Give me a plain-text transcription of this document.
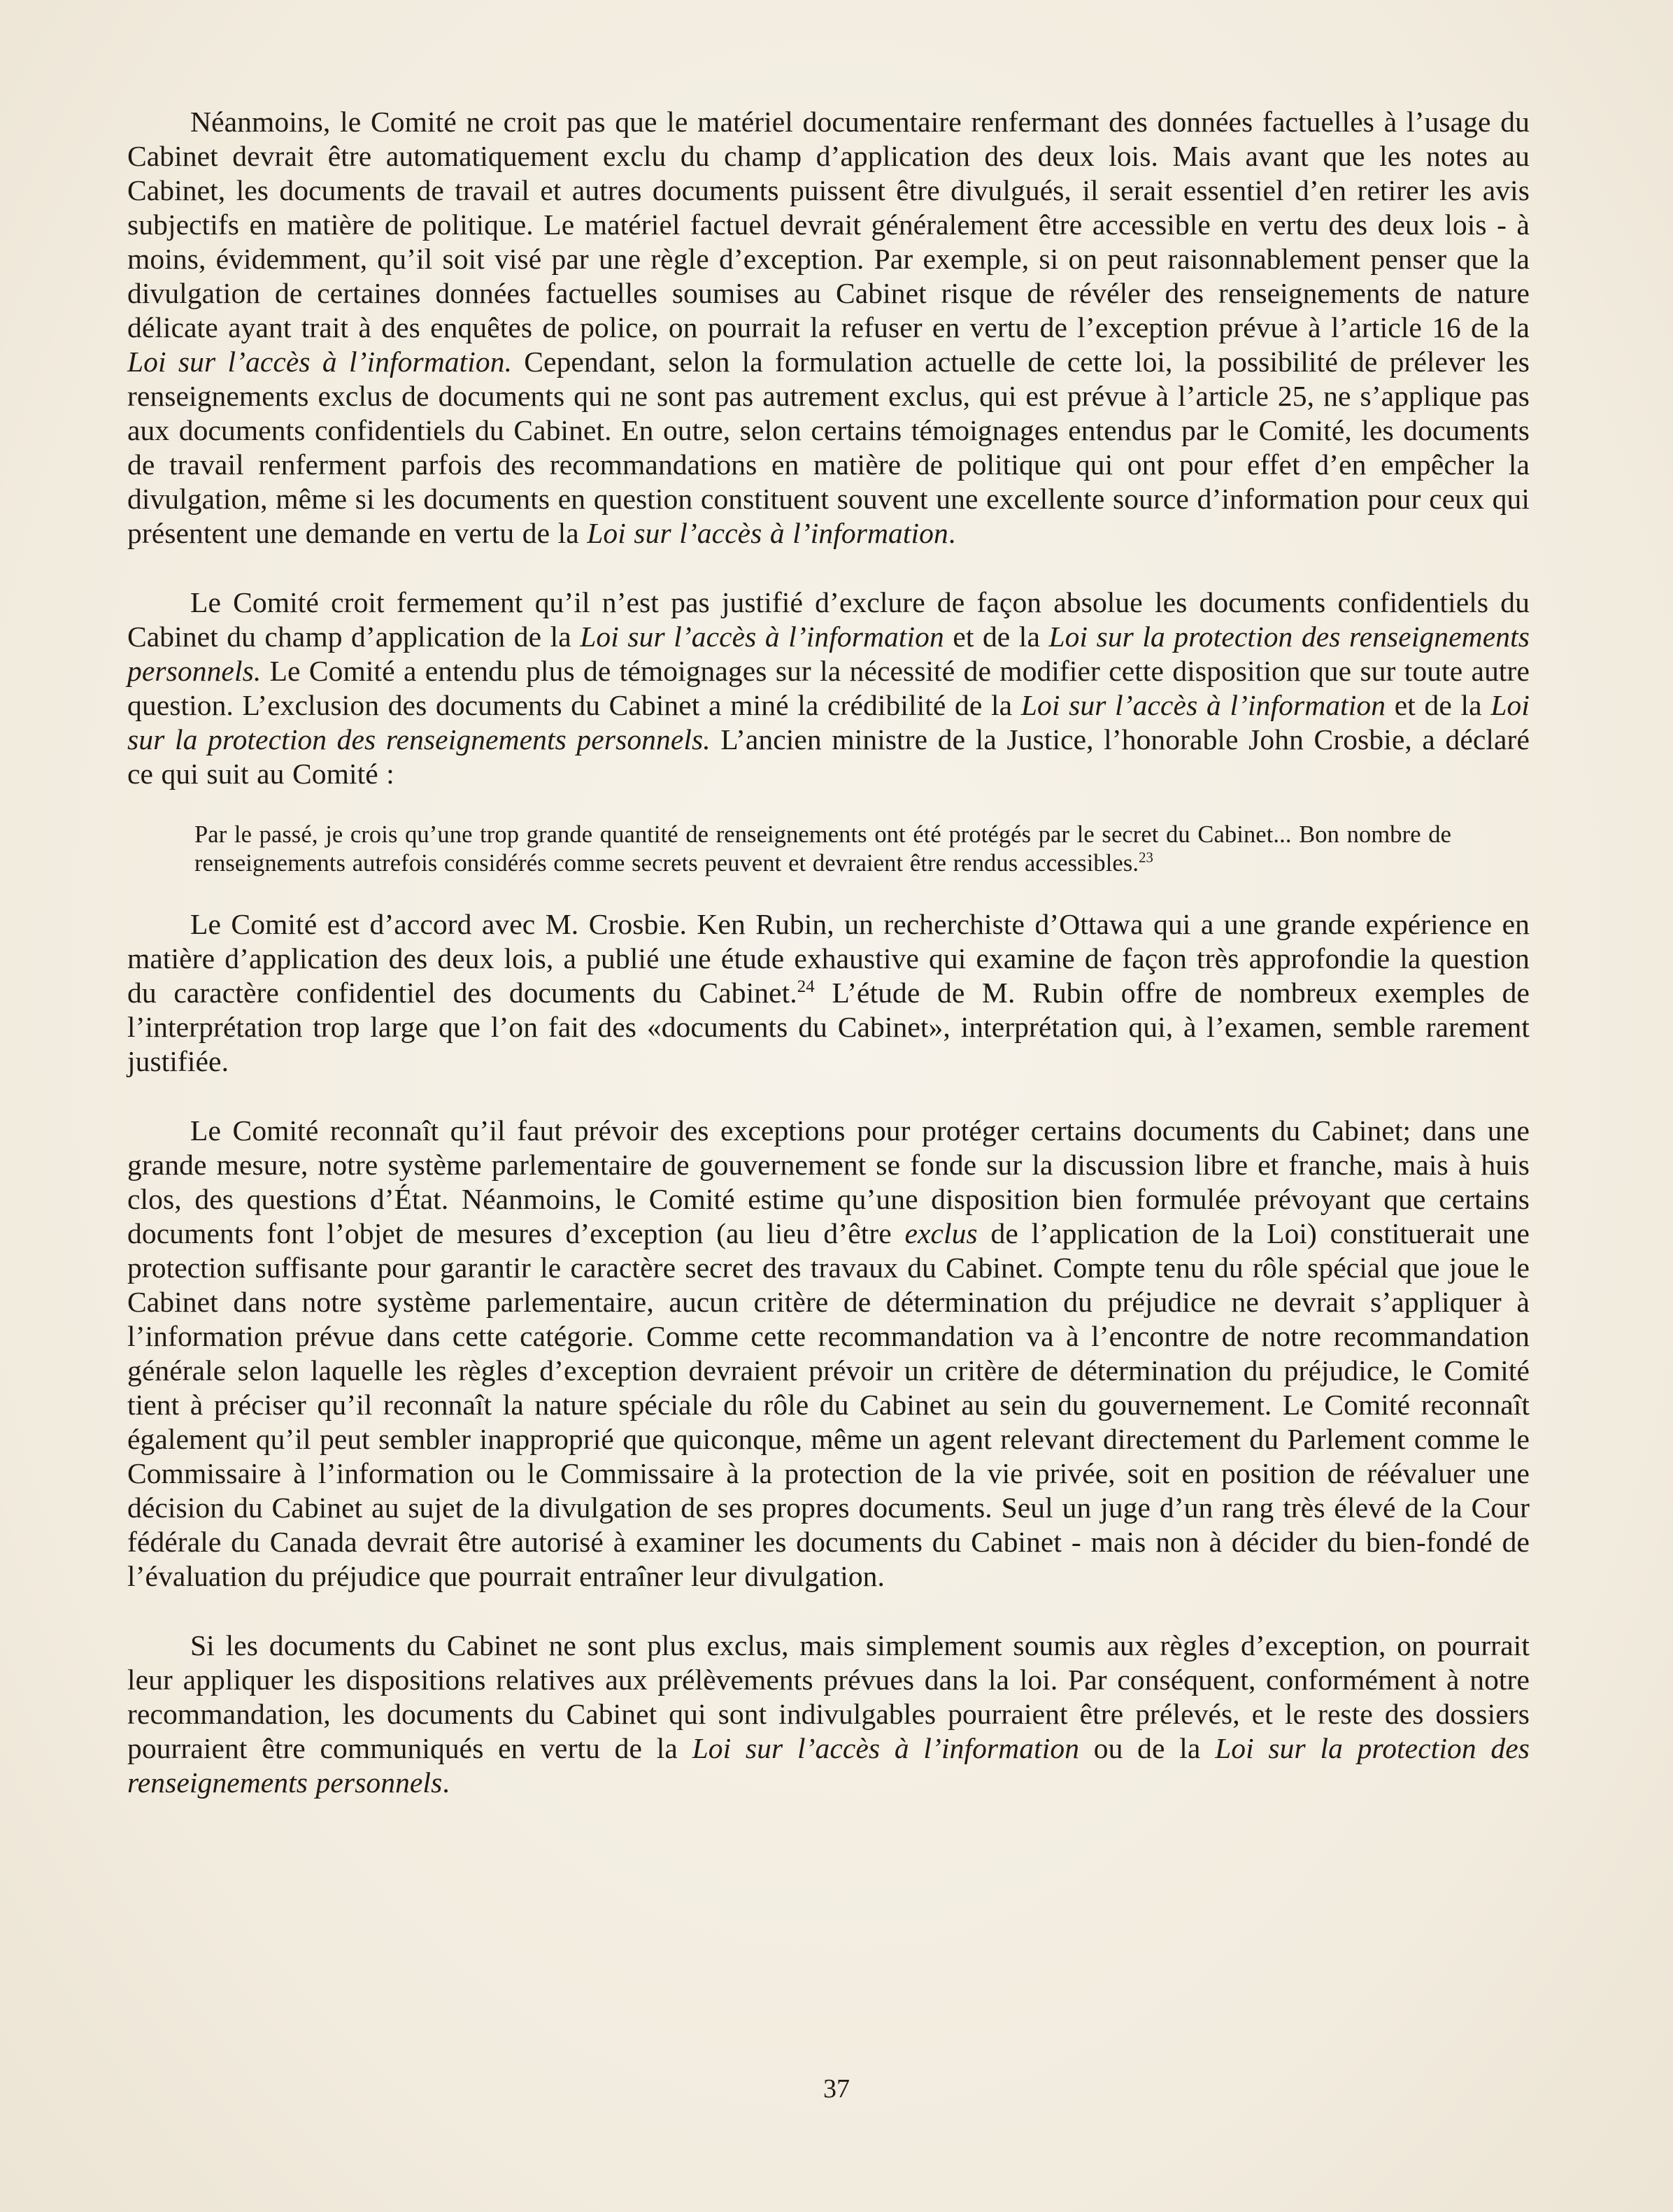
Néanmoins, le Comité ne croit pas que le matériel documentaire renfermant des données factuelles à l’usage du Cabinet devrait être automatiquement exclu du champ d’application des deux lois. Mais avant que les notes au Cabinet, les documents de travail et autres documents puissent être divulgués, il serait essentiel d’en retirer les avis subjectifs en matière de politique. Le matériel factuel devrait généralement être accessible en vertu des deux lois - à moins, évidemment, qu’il soit visé par une règle d’exception. Par exemple, si on peut raisonnablement penser que la divulgation de certaines données factuelles soumises au Cabinet risque de révéler des renseignements de nature délicate ayant trait à des enquêtes de police, on pourrait la refuser en vertu de l’exception prévue à l’article 16 de la Loi sur l’accès à l’information. Cependant, selon la formulation actuelle de cette loi, la possibilité de prélever les renseignements exclus de documents qui ne sont pas autrement exclus, qui est prévue à l’article 25, ne s’applique pas aux documents confidentiels du Cabinet. En outre, selon certains témoignages entendus par le Comité, les documents de travail renferment parfois des recommandations en matière de politique qui ont pour effet d’en empêcher la divulgation, même si les documents en question constituent souvent une excellente source d’information pour ceux qui présentent une demande en vertu de la Loi sur l’accès à l’information.

Le Comité croit fermement qu’il n’est pas justifié d’exclure de façon absolue les documents confidentiels du Cabinet du champ d’application de la Loi sur l’accès à l’information et de la Loi sur la protection des renseignements personnels. Le Comité a entendu plus de témoignages sur la nécessité de modifier cette disposition que sur toute autre question. L’exclusion des documents du Cabinet a miné la crédibilité de la Loi sur l’accès à l’information et de la Loi sur la protection des renseignements personnels. L’ancien ministre de la Justice, l’honorable John Crosbie, a déclaré ce qui suit au Comité :

Par le passé, je crois qu’une trop grande quantité de renseignements ont été protégés par le secret du Cabinet... Bon nombre de renseignements autrefois considérés comme secrets peuvent et devraient être rendus accessibles.$^{23}$

Le Comité est d’accord avec M. Crosbie. Ken Rubin, un recherchiste d’Ottawa qui a une grande expérience en matière d’application des deux lois, a publié une étude exhaustive qui examine de façon très approfondie la question du caractère confidentiel des documents du Cabinet.$^{24}$ L’étude de M. Rubin offre de nombreux exemples de l’interprétation trop large que l’on fait des «documents du Cabinet», interprétation qui, à l’examen, semble rarement justifiée.

Le Comité reconnaît qu’il faut prévoir des exceptions pour protéger certains documents du Cabinet; dans une grande mesure, notre système parlementaire de gouvernement se fonde sur la discussion libre et franche, mais à huis clos, des questions d’État. Néanmoins, le Comité estime qu’une disposition bien formulée prévoyant que certains documents font l’objet de mesures d’exception (au lieu d’être exclus de l’application de la Loi) constituerait une protection suffisante pour garantir le caractère secret des travaux du Cabinet. Compte tenu du rôle spécial que joue le Cabinet dans notre système parlementaire, aucun critère de détermination du préjudice ne devrait s’appliquer à l’information prévue dans cette catégorie. Comme cette recommandation va à l’encontre de notre recommandation générale selon laquelle les règles d’exception devraient prévoir un critère de détermination du préjudice, le Comité tient à préciser qu’il reconnaît la nature spéciale du rôle du Cabinet au sein du gouvernement. Le Comité reconnaît également qu’il peut sembler inapproprié que quiconque, même un agent relevant directement du Parlement comme le Commissaire à l’information ou le Commissaire à la protection de la vie privée, soit en position de réévaluer une décision du Cabinet au sujet de la divulgation de ses propres documents. Seul un juge d’un rang très élevé de la Cour fédérale du Canada devrait être autorisé à examiner les documents du Cabinet - mais non à décider du bien-fondé de l’évaluation du préjudice que pourrait entraîner leur divulgation.

Si les documents du Cabinet ne sont plus exclus, mais simplement soumis aux règles d’exception, on pourrait leur appliquer les dispositions relatives aux prélèvements prévues dans la loi. Par conséquent, conformément à notre recommandation, les documents du Cabinet qui sont indivulgables pourraient être prélevés, et le reste des dossiers pourraient être communiqués en vertu de la Loi sur l’accès à l’information ou de la Loi sur la protection des renseignements personnels.

37
